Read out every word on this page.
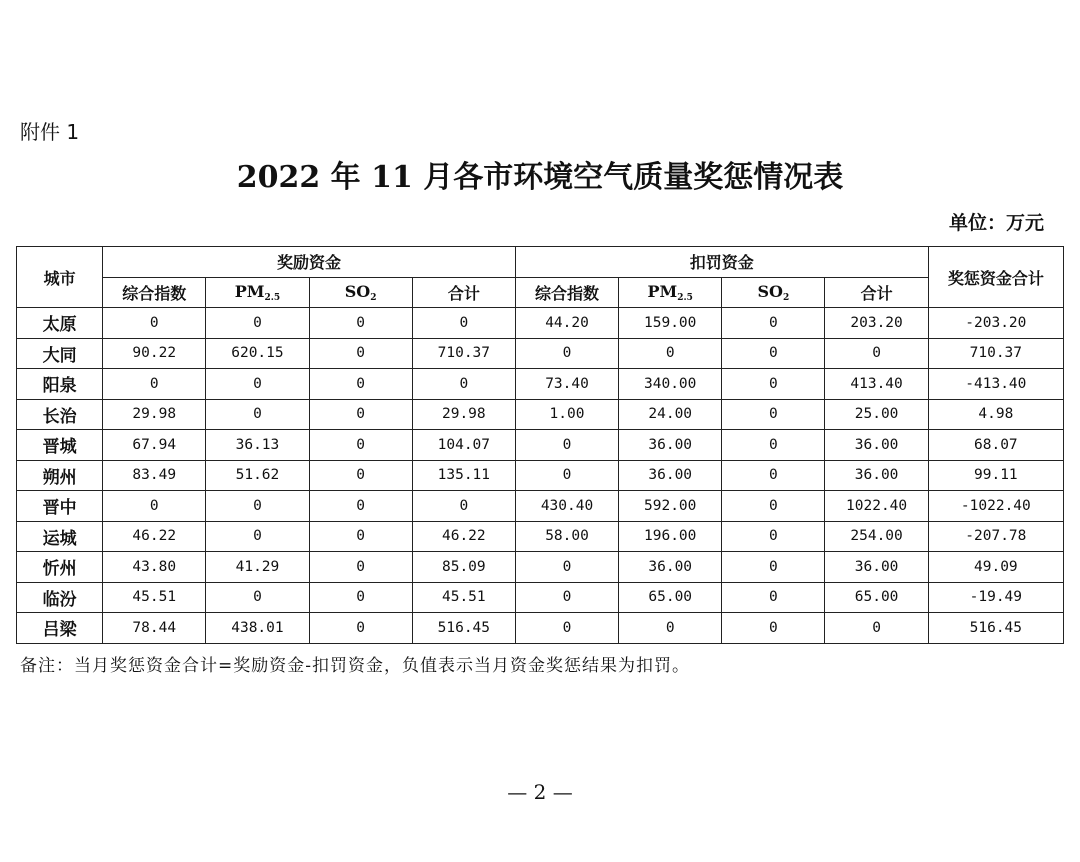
附件 1
2022 年 11 月各市环境空气质量奖惩情况表
单位：万元
城市	奖励资金				扣罚资金				奖惩资金合计
	综合指数	$PM_{2.5}$	$SO_2$	合计	综合指数	$PM_{2.5}$	$SO_2$	合计	
太原	0	0	0	0	44.20	159.00	0	203.20	-203.20
大同	90.22	620.15	0	710.37	0	0	0	0	710.37
阳泉	0	0	0	0	73.40	340.00	0	413.40	-413.40
长治	29.98	0	0	29.98	1.00	24.00	0	25.00	4.98
晋城	67.94	36.13	0	104.07	0	36.00	0	36.00	68.07
朔州	83.49	51.62	0	135.11	0	36.00	0	36.00	99.11
晋中	0	0	0	0	430.40	592.00	0	1022.40	-1022.40
运城	46.22	0	0	46.22	58.00	196.00	0	254.00	-207.78
忻州	43.80	41.29	0	85.09	0	36.00	0	36.00	49.09
临汾	45.51	0	0	45.51	0	65.00	0	65.00	-19.49
吕梁	78.44	438.01	0	516.45	0	0	0	0	516.45
备注：当月奖惩资金合计=奖励资金-扣罚资金，负值表示当月资金奖惩结果为扣罚。
— 2 —
